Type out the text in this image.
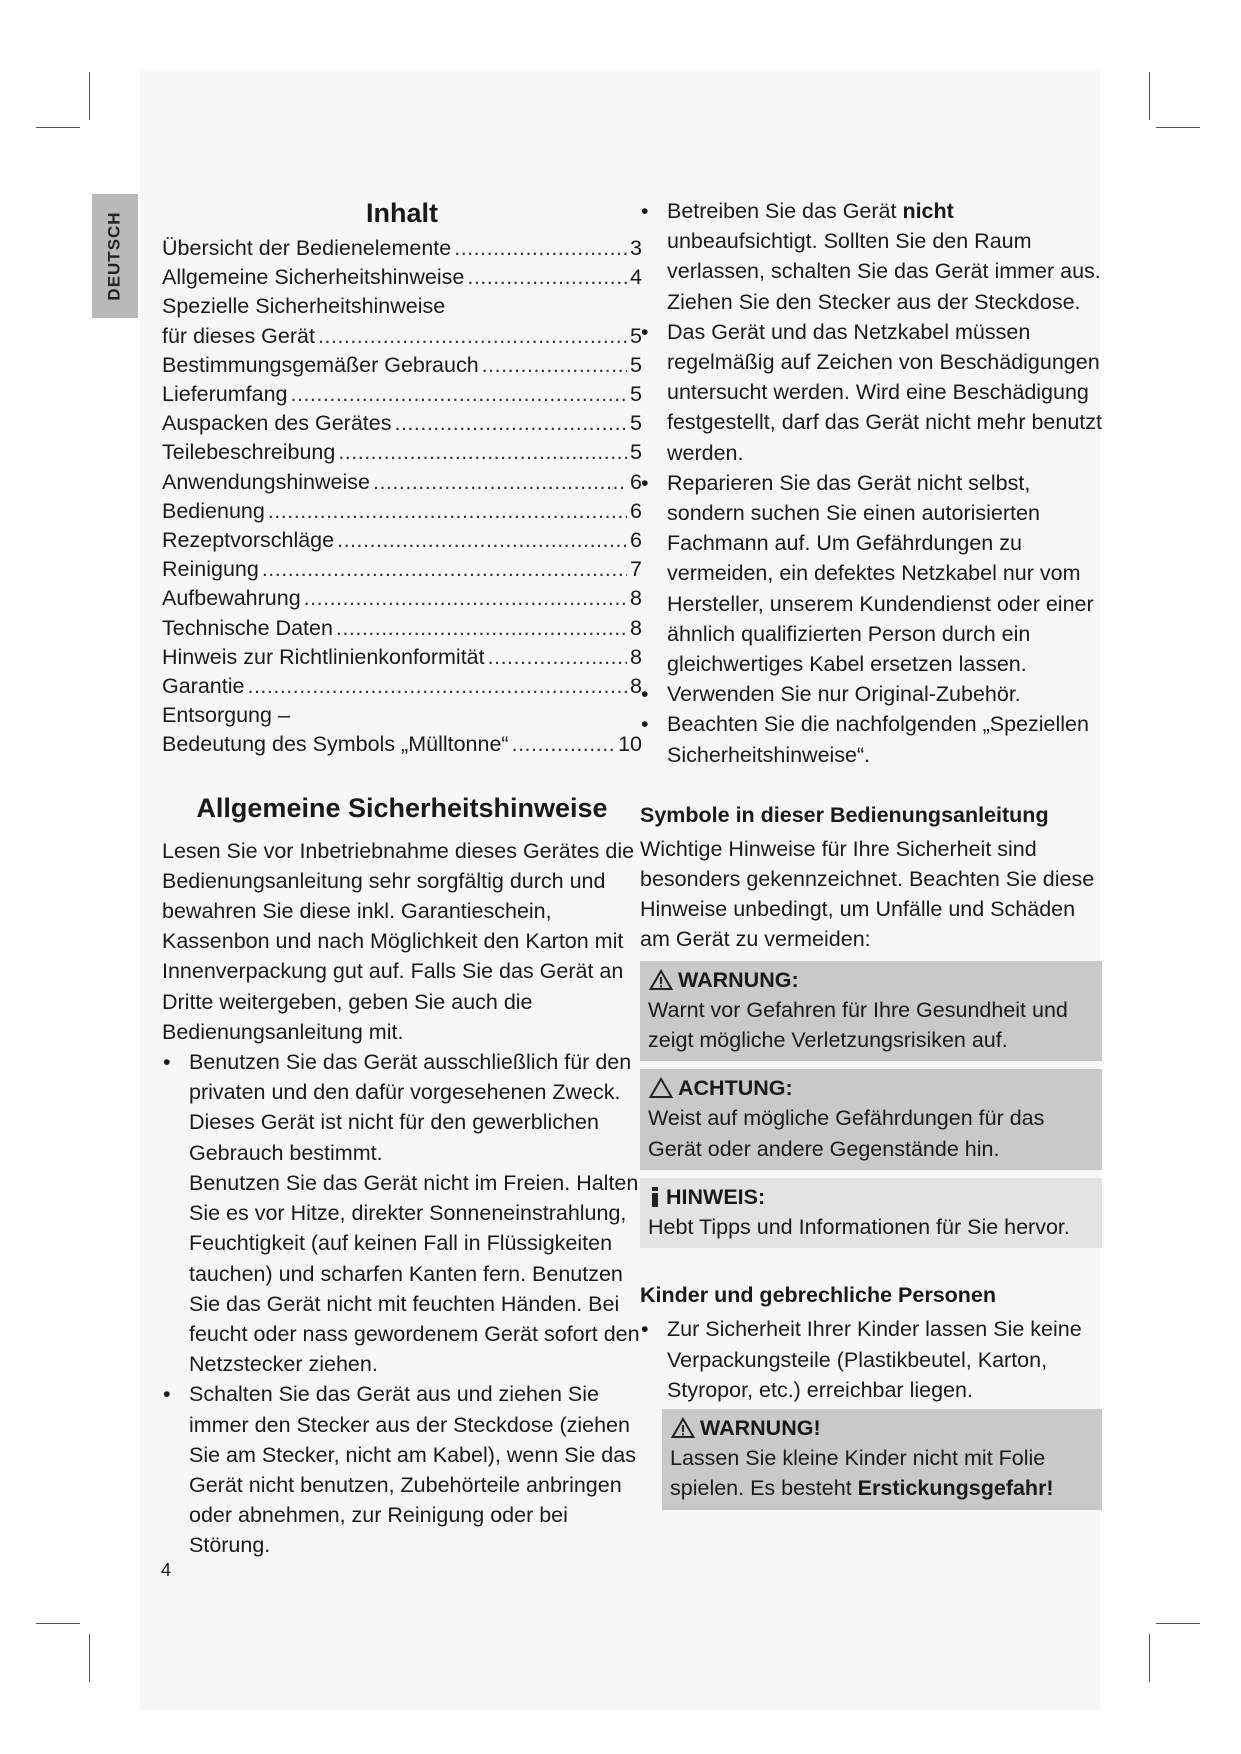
DEUTSCH	Inhalt
Übersicht der Bedienelemente .....	3
Allgemeine Sicherheitshinweise .....	4
Spezielle Sicherheitshinweise
für dieses Gerät .....	5
Bestimmungsgemäßer Gebrauch .....	5
Lieferumfang .....	5
Auspacken des Gerätes .....	5
Teilebeschreibung .....	5
Anwendungshinweise .....	6
Bedienung .....	6
Rezeptvorschläge .....	6
Reinigung .....	7
Aufbewahrung .....	8
Technische Daten .....	8
Hinweis zur Richtlinienkonformität .....	8
Garantie .....	8
Entsorgung –
Bedeutung des Symbols „Mülltonne“ .....	10
Allgemeine Sicherheitshinweise

Lesen Sie vor Inbetriebnahme dieses Gerätes die Bedienungsanleitung sehr sorgfältig durch und bewahren Sie diese inkl. Garantieschein, Kassenbon und nach Möglichkeit den Karton mit Innenverpackung gut auf. Falls Sie das Gerät an Dritte weitergeben, geben Sie auch die Bedienungsanleitung mit.

• Benutzen Sie das Gerät ausschließlich für den privaten und den dafür vorgesehenen Zweck. Dieses Gerät ist nicht für den gewerblichen Gebrauch bestimmt.
Benutzen Sie das Gerät nicht im Freien. Halten Sie es vor Hitze, direkter Sonneneinstrahlung, Feuchtigkeit (auf keinen Fall in Flüssigkeiten tauchen) und scharfen Kanten fern. Benutzen Sie das Gerät nicht mit feuchten Händen. Bei feucht oder nass gewordenem Gerät sofort den Netzstecker ziehen.
• Schalten Sie das Gerät aus und ziehen Sie immer den Stecker aus der Steckdose (ziehen Sie am Stecker, nicht am Kabel), wenn Sie das Gerät nicht benutzen, Zubehörteile anbringen oder abnehmen, zur Reinigung oder bei Störung.
• Betreiben Sie das Gerät nicht unbeaufsichtigt. Sollten Sie den Raum verlassen, schalten Sie das Gerät immer aus. Ziehen Sie den Stecker aus der Steckdose.
• Das Gerät und das Netzkabel müssen regelmäßig auf Zeichen von Beschädigungen untersucht werden. Wird eine Beschädigung festgestellt, darf das Gerät nicht mehr benutzt werden.
• Reparieren Sie das Gerät nicht selbst, sondern suchen Sie einen autorisierten Fachmann auf. Um Gefährdungen zu vermeiden, ein defektes Netzkabel nur vom Hersteller, unserem Kundendienst oder einer ähnlich qualifizierten Person durch ein gleichwertiges Kabel ersetzen lassen.
• Verwenden Sie nur Original-Zubehör.
• Beachten Sie die nachfolgenden „Speziellen Sicherheitshinweise“.
Symbole in dieser Bedienungsanleitung

Wichtige Hinweise für Ihre Sicherheit sind besonders gekennzeichnet. Beachten Sie diese Hinweise unbedingt, um Unfälle und Schäden am Gerät zu vermeiden:

WARNUNG:
Warnt vor Gefahren für Ihre Gesundheit und zeigt mögliche Verletzungsrisiken auf.
ACHTUNG:
Weist auf mögliche Gefährdungen für das Gerät oder andere Gegenstände hin.
HINWEIS:
Hebt Tipps und Informationen für Sie hervor.
Kinder und gebrechliche Personen
• Zur Sicherheit Ihrer Kinder lassen Sie keine Verpackungsteile (Plastikbeutel, Karton, Styropor, etc.) erreichbar liegen.
WARNUNG!
Lassen Sie kleine Kinder nicht mit Folie spielen. Es besteht Erstickungsgefahr!
4
